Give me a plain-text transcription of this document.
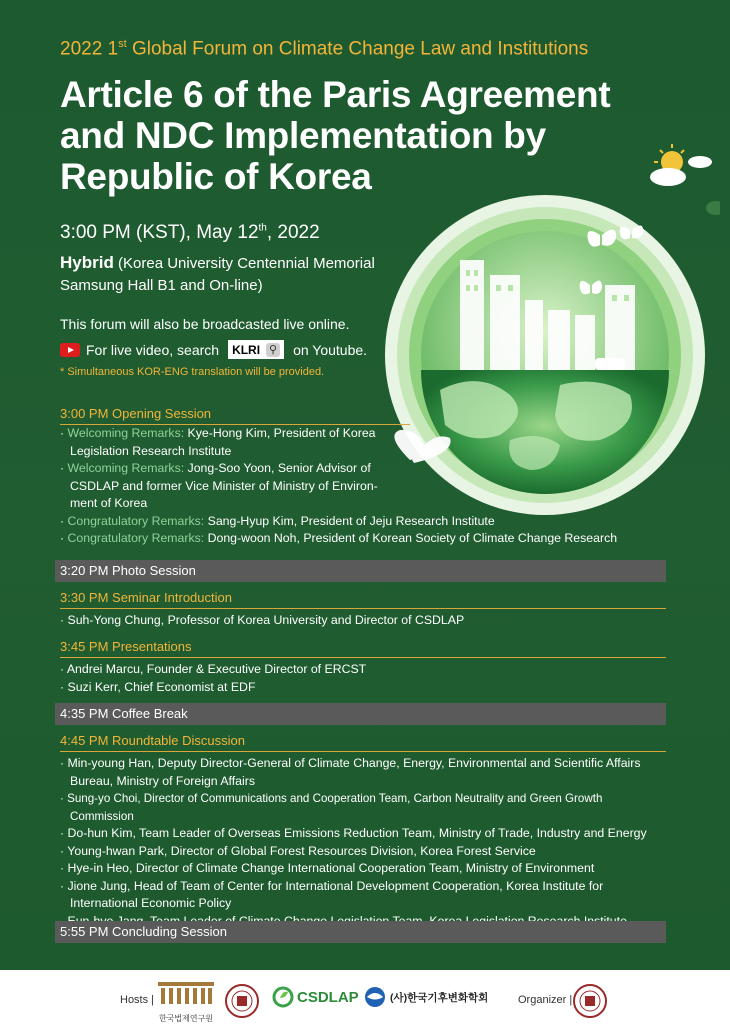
2022 1st Global Forum on Climate Change Law and Institutions
Article 6 of the Paris Agreement
and NDC Implementation by
Republic of Korea
3:00 PM (KST), May 12th, 2022
Hybrid (Korea University Centennial Memorial Samsung Hall B1 and On-line)
This forum will also be broadcasted live online.
For live video, search KLRI ⚲ on Youtube.
* Simultaneous KOR-ENG translation will be provided.
3:00 PM Opening Session
· Welcoming Remarks: Kye-Hong Kim, President of Korea Legislation Research Institute
· Welcoming Remarks: Jong-Soo Yoon, Senior Advisor of CSDLAP and former Vice Minister of Ministry of Environ-ment of Korea
· Congratulatory Remarks: Sang-Hyup Kim, President of Jeju Research Institute
· Congratulatory Remarks: Dong-woon Noh, President of Korean Society of Climate Change Research
3:20 PM Photo Session
3:30 PM Seminar Introduction
· Suh-Yong Chung, Professor of Korea University and Director of CSDLAP
3:45 PM Presentations
· Andrei Marcu, Founder & Executive Director of ERCST
· Suzi Kerr, Chief Economist at EDF
4:35 PM Coffee Break
4:45 PM Roundtable Discussion
· Min-young Han, Deputy Director-General of Climate Change, Energy, Environmental and Scientific Affairs Bureau, Ministry of Foreign Affairs
· Sung-yo Choi, Director of Communications and Cooperation Team, Carbon Neutrality and Green Growth Commission
· Do-hun Kim, Team Leader of Overseas Emissions Reduction Team, Ministry of Trade, Industry and Energy
· Young-hwan Park, Director of Global Forest Resources Division, Korea Forest Service
· Hye-in Heo, Director of Climate Change International Cooperation Team, Ministry of Environment
· Jione Jung, Head of Team of Center for International Development Cooperation, Korea Institute for International Economic Policy
5:55 PM Concluding Session
Hosts |
한국법제연구원
CSDLAP	(사)한국기후변화학회	Organizer |
